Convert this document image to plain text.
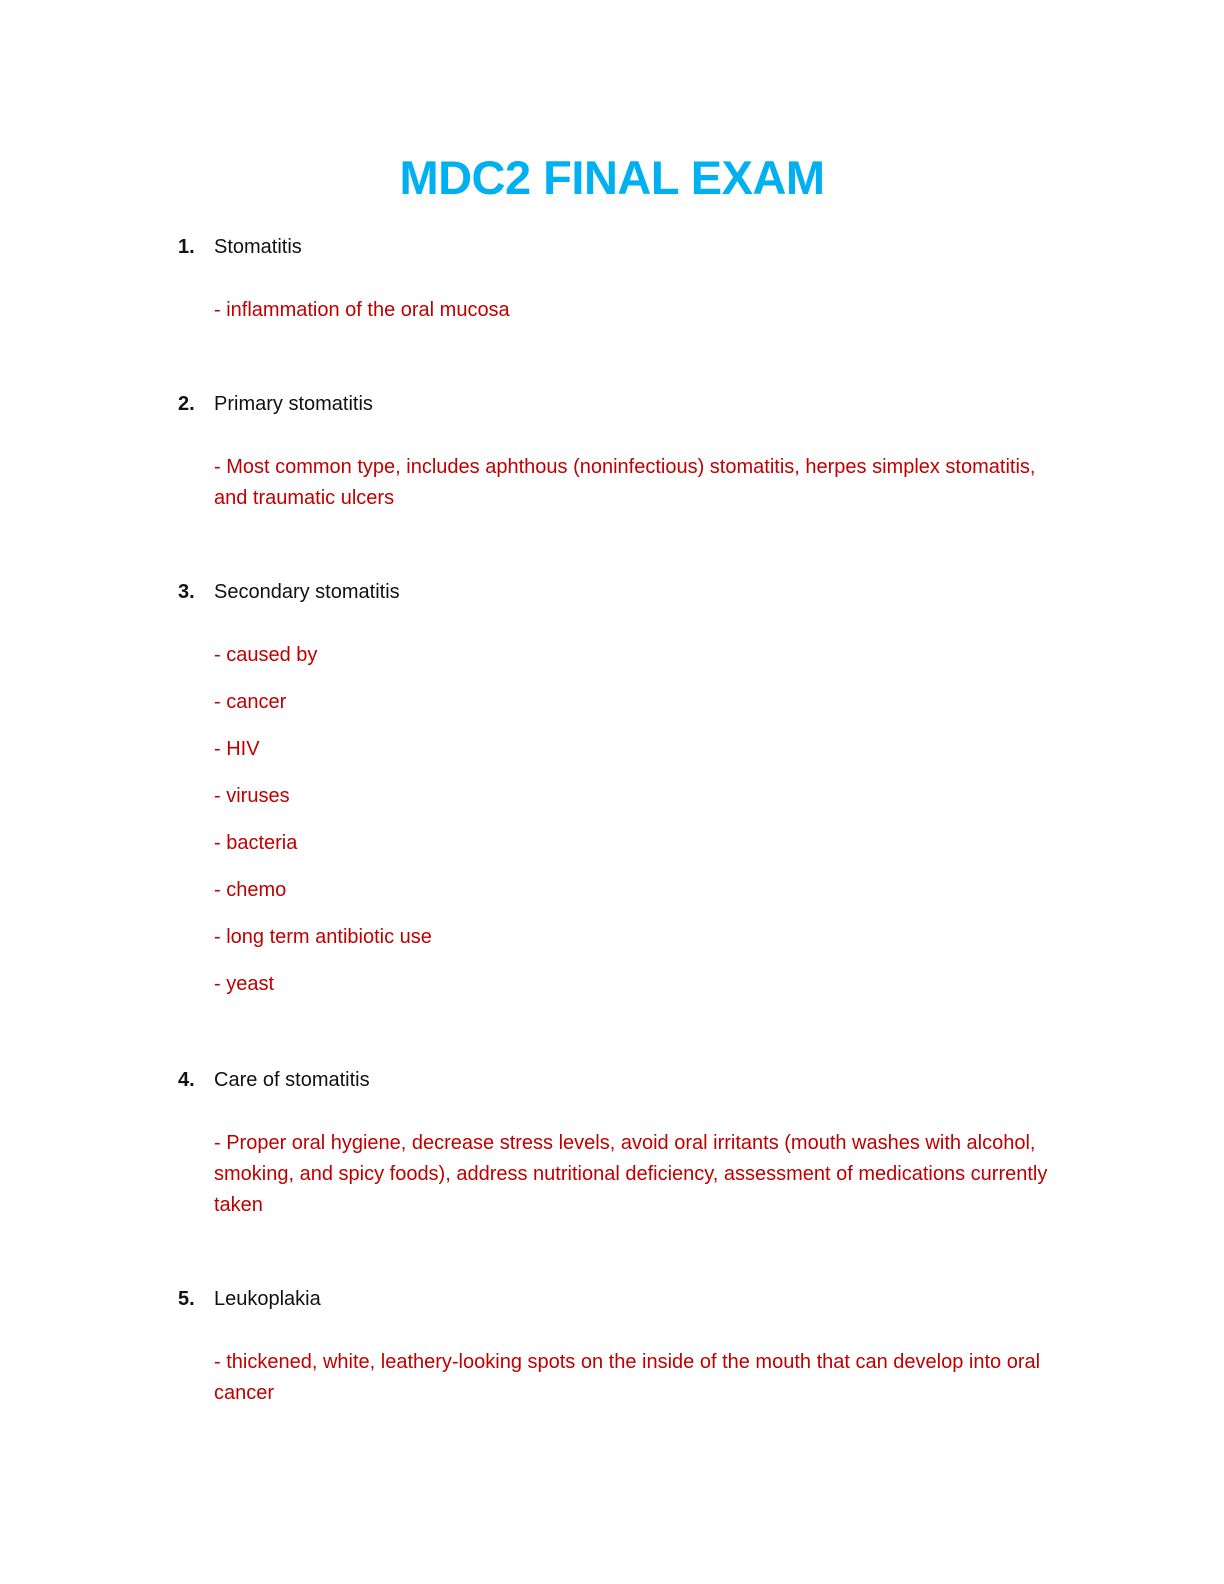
MDC2 FINAL EXAM
1. Stomatitis

- inflammation of the oral mucosa

2. Primary stomatitis

- Most common type, includes aphthous (noninfectious) stomatitis, herpes simplex stomatitis, and traumatic ulcers

3. Secondary stomatitis

- caused by

- cancer

- HIV

- viruses

- bacteria

- chemo

- long term antibiotic use

- yeast

4. Care of stomatitis

- Proper oral hygiene, decrease stress levels, avoid oral irritants (mouth washes with alcohol, smoking, and spicy foods), address nutritional deficiency, assessment of medications currently taken

5. Leukoplakia

- thickened, white, leathery-looking spots on the inside of the mouth that can develop into oral cancer
